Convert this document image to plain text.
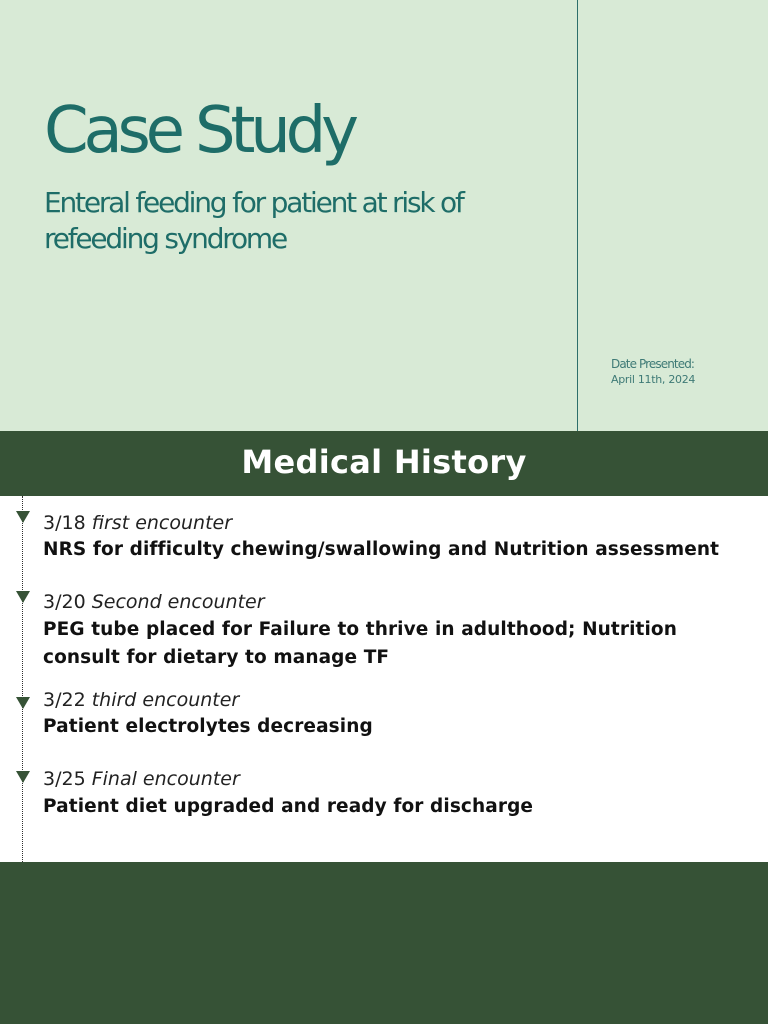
Case Study
Enteral feeding for patient at risk of refeeding syndrome
Date Presented:
April 11th, 2024
Medical History

3/18 first encounter

NRS for difficulty chewing/swallowing and Nutrition assessment

3/20 Second encounter

PEG tube placed for Failure to thrive in adulthood; Nutrition consult for dietary to manage TF

3/22 third encounter

Patient electrolytes decreasing

3/25 Final encounter

Patient diet upgraded and ready for discharge
